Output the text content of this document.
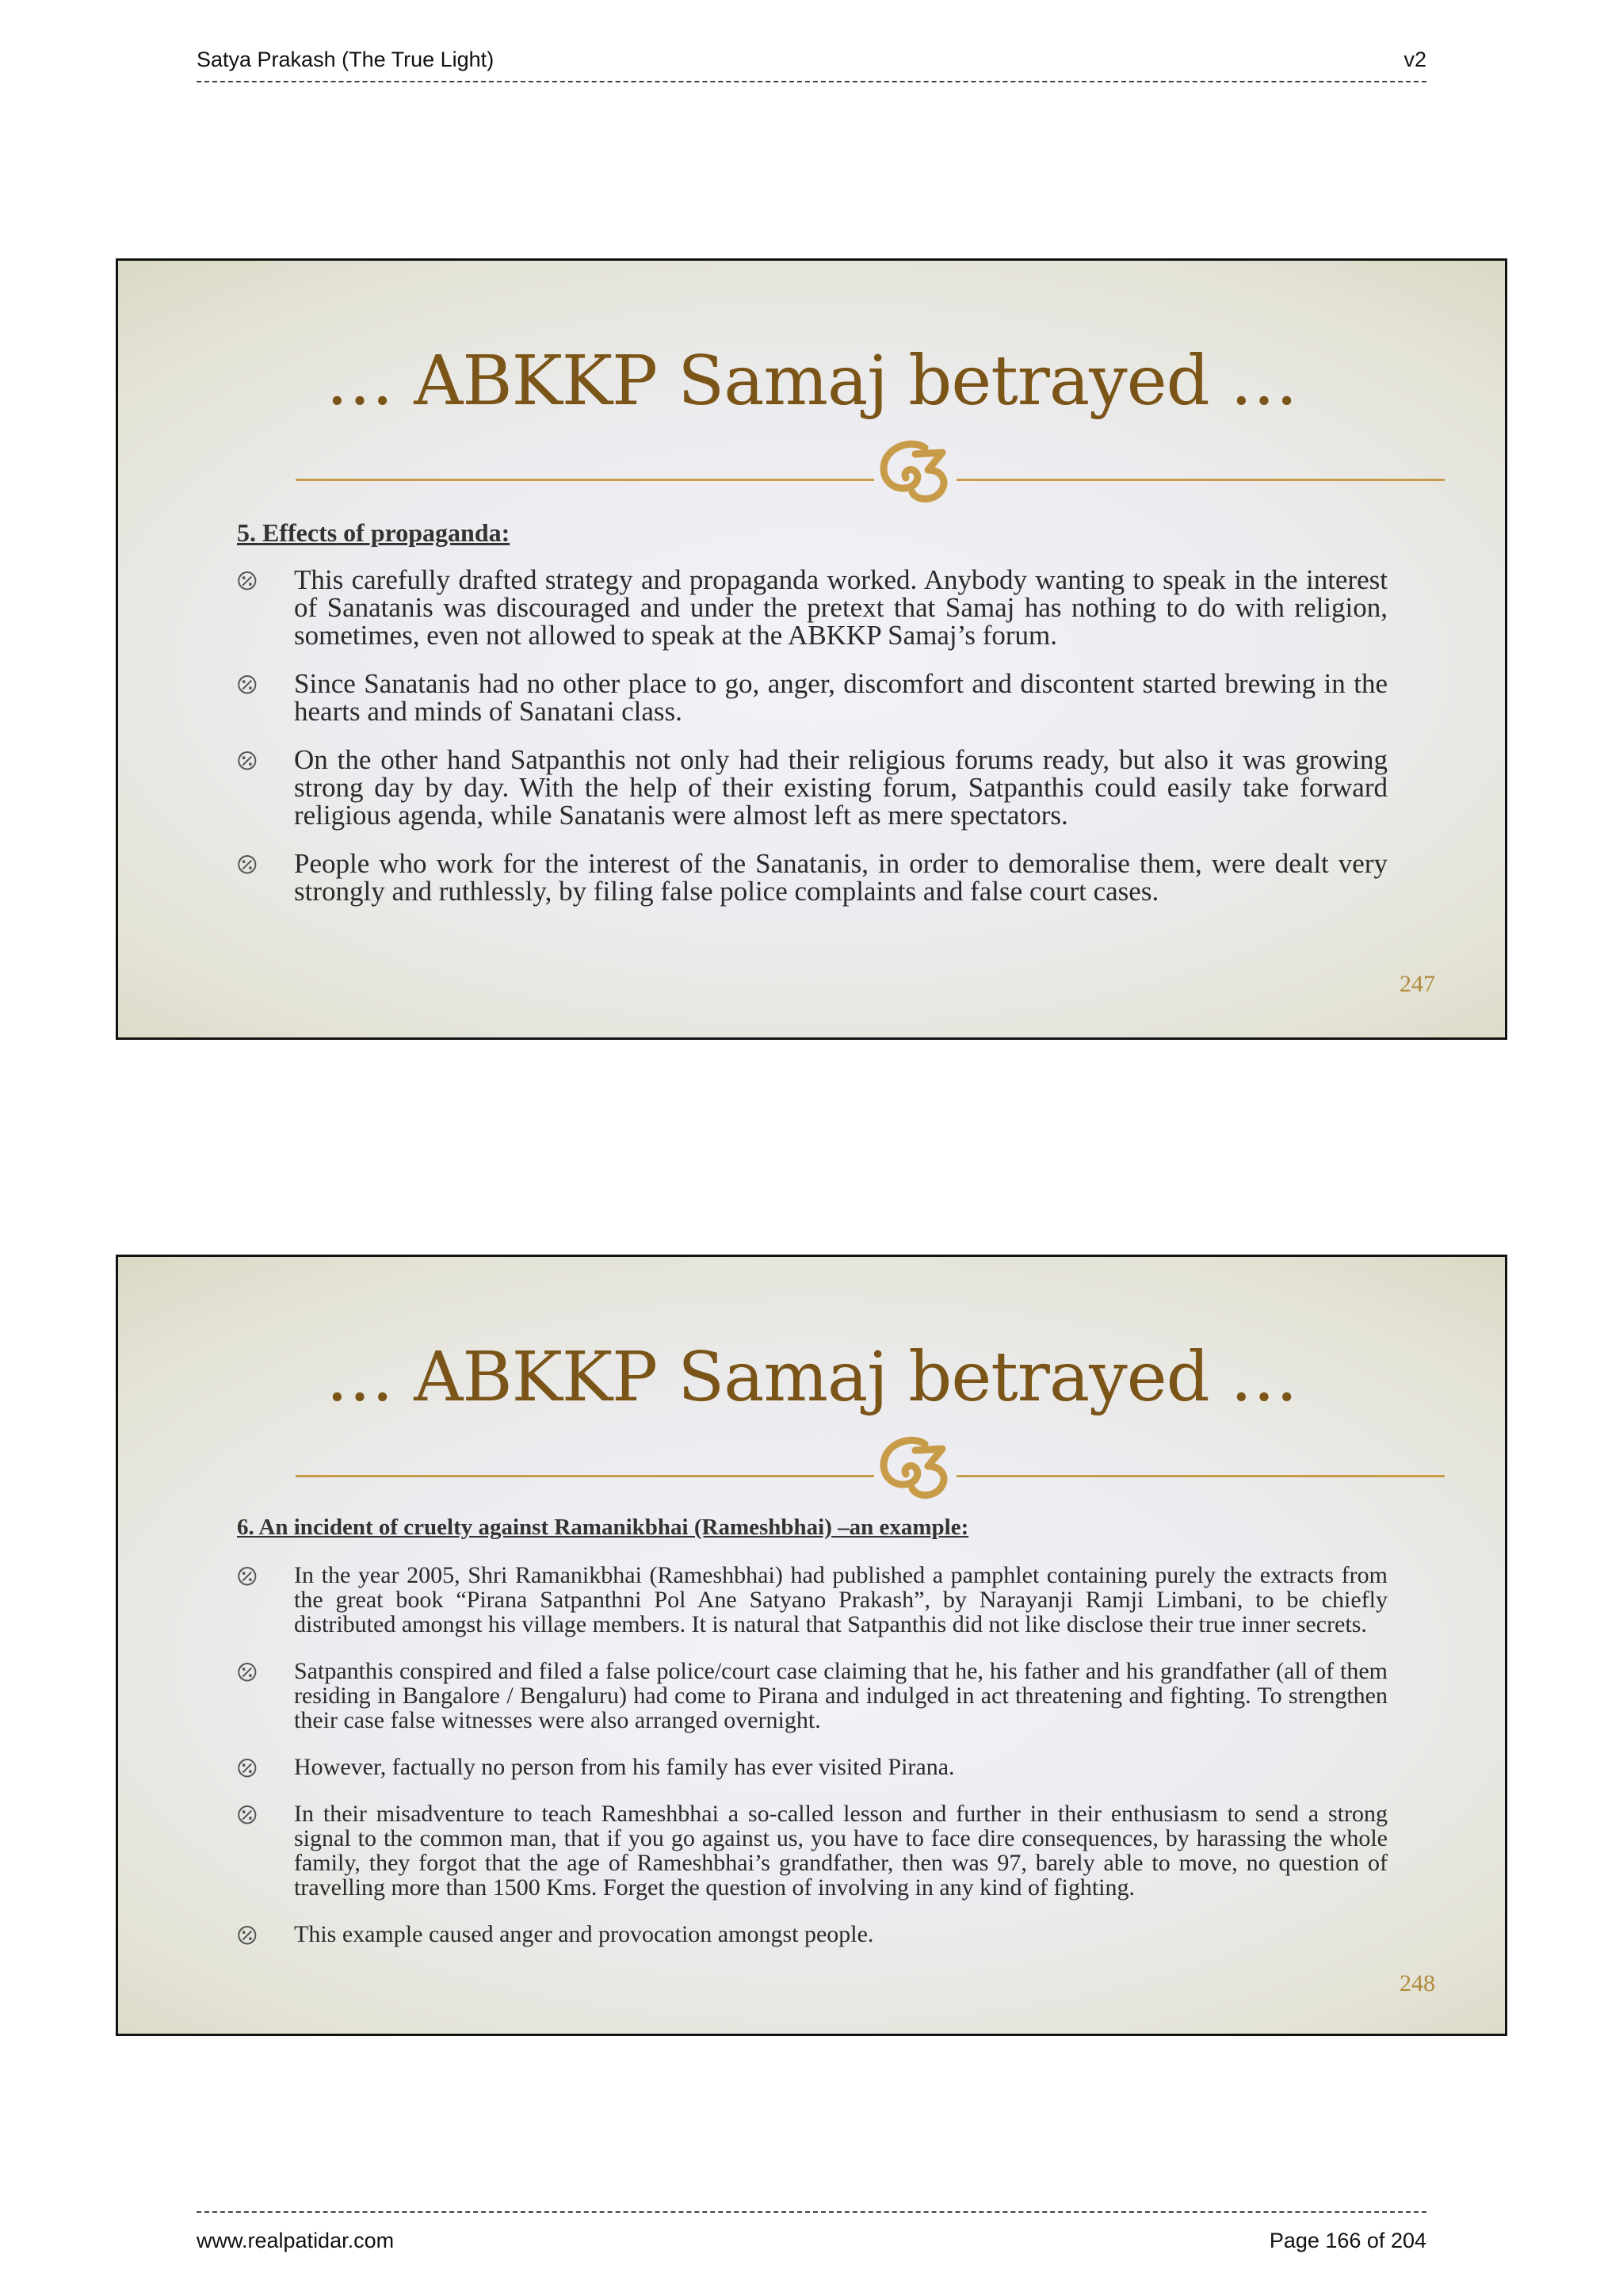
Satya Prakash (The True Light)	v2
… ABKKP Samaj betrayed …
5. Effects of propaganda:
⦼ This carefully drafted strategy and propaganda worked. Anybody wanting to speak in the interest of Sanatanis was discouraged and under the pretext that Samaj has nothing to do with religion, sometimes, even not allowed to speak at the ABKKP Samaj’s forum.
⦼ Since Sanatanis had no other place to go, anger, discomfort and discontent started brewing in the hearts and minds of Sanatani class.
⦼ On the other hand Satpanthis not only had their religious forums ready, but also it was growing strong day by day. With the help of their existing forum, Satpanthis could easily take forward religious agenda, while Sanatanis were almost left as mere spectators.
⦼ People who work for the interest of the Sanatanis, in order to demoralise them, were dealt very strongly and ruthlessly, by filing false police complaints and false court cases.
247
… ABKKP Samaj betrayed …
6. An incident of cruelty against Ramanikbhai (Rameshbhai) –an example:
⦼ In the year 2005, Shri Ramanikbhai (Rameshbhai) had published a pamphlet containing purely the extracts from the great book “Pirana Satpanthni Pol Ane Satyano Prakash”, by Narayanji Ramji Limbani, to be chiefly distributed amongst his village members. It is natural that Satpanthis did not like disclose their true inner secrets.
⦼ Satpanthis conspired and filed a false police/court case claiming that he, his father and his grandfather (all of them residing in Bangalore / Bengaluru) had come to Pirana and indulged in act threatening and fighting. To strengthen their case false witnesses were also arranged overnight.
⦼ However, factually no person from his family has ever visited Pirana.
⦼ In their misadventure to teach Rameshbhai a so-called lesson and further in their enthusiasm to send a strong signal to the common man, that if you go against us, you have to face dire consequences, by harassing the whole family, they forgot that the age of Rameshbhai’s grandfather, then was 97, barely able to move, no question of travelling more than 1500 Kms. Forget the question of involving in any kind of fighting.
⦼ This example caused anger and provocation amongst people.
248
www.realpatidar.com	Page 166 of 204
